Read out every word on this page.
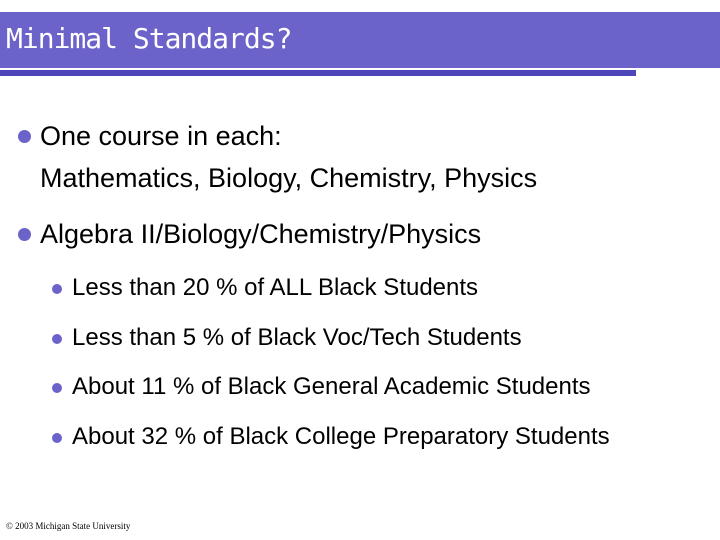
Minimal Standards?
One course in each:
Mathematics, Biology, Chemistry, Physics
Algebra II/Biology/Chemistry/Physics
Less than 20 % of ALL Black Students
Less than 5 % of Black Voc/Tech Students
About 11 % of Black General Academic Students
About 32 % of Black College Preparatory Students
© 2003 Michigan State University
